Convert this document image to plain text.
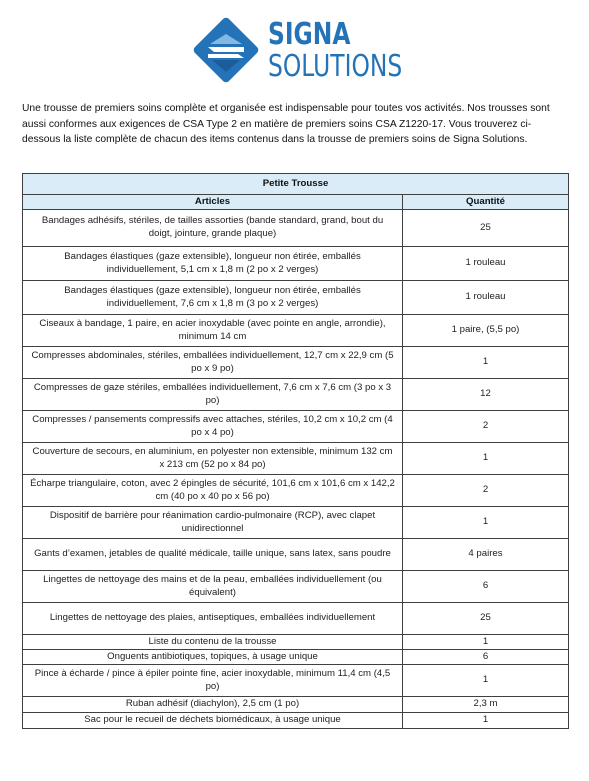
SIGNA
SOLUTIONS

Une trousse de premiers soins complète et organisée est indispensable pour toutes vos activités. Nos trousses sont aussi conformes aux exigences de CSA Type 2 en matière de premiers soins CSA Z1220-17. Vous trouverez ci-dessous la liste complète de chacun des items contenus dans la trousse de premiers soins de Signa Solutions.

Petite Trousse	
Articles	Quantité
Bandages adhésifs, stériles, de tailles assorties (bande standard, grand, bout du doigt, jointure, grande plaque)	25
Bandages élastiques (gaze extensible), longueur non étirée, emballés individuellement, 5,1 cm x 1,8 m (2 po x 2 verges)	1 rouleau
Bandages élastiques (gaze extensible), longueur non étirée, emballés individuellement, 7,6 cm x 1,8 m (3 po x 2 verges)	1 rouleau
Ciseaux à bandage, 1 paire, en acier inoxydable (avec pointe en angle, arrondie), minimum 14 cm	1 paire, (5,5 po)
Compresses abdominales, stériles, emballées individuellement, 12,7 cm x 22,9 cm (5 po x 9 po)	1
Compresses de gaze stériles, emballées individuellement, 7,6 cm x 7,6 cm (3 po x 3 po)	12
Compresses / pansements compressifs avec attaches, stériles, 10,2 cm x 10,2 cm (4 po x 4 po)	2
Couverture de secours, en aluminium, en polyester non extensible, minimum 132 cm x 213 cm (52 po x 84 po)	1
Écharpe triangulaire, coton, avec 2 épingles de sécurité, 101,6 cm x 101,6 cm x 142,2 cm (40 po x 40 po x 56 po)	2
Dispositif de barrière pour réanimation cardio-pulmonaire (RCP), avec clapet unidirectionnel	1
Gants d’examen, jetables de qualité médicale, taille unique, sans latex, sans poudre	4 paires
Lingettes de nettoyage des mains et de la peau, emballées individuellement (ou équivalent)	6
Lingettes de nettoyage des plaies, antiseptiques, emballées individuellement	25
Liste du contenu de la trousse	1
Onguents antibiotiques, topiques, à usage unique	6
Pince à écharde / pince à épiler pointe fine, acier inoxydable, minimum 11,4 cm (4,5 po)	1
Ruban adhésif (diachylon), 2,5 cm (1 po)	2,3 m
Sac pour le recueil de déchets biomédicaux, à usage unique	1
